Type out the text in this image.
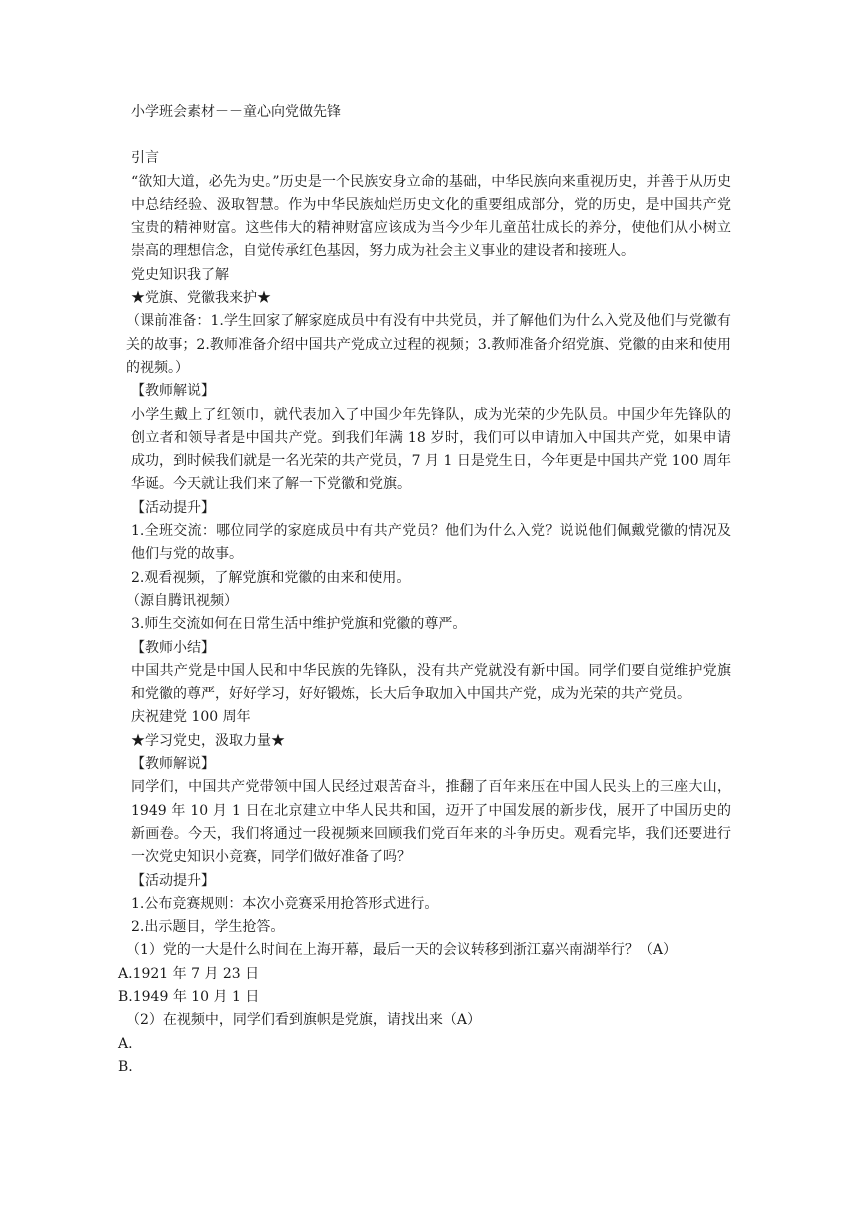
小学班会素材－－童心向党做先锋

引言

“欲知大道，必先为史。”历史是一个民族安身立命的基础，中华民族向来重视历史，并善于从历史中总结经验、汲取智慧。作为中华民族灿烂历史文化的重要组成部分，党的历史，是中国共产党宝贵的精神财富。这些伟大的精神财富应该成为当今少年儿童茁壮成长的养分，使他们从小树立崇高的理想信念，自觉传承红色基因，努力成为社会主义事业的建设者和接班人。

党史知识我了解

★党旗、党徽我来护★

（课前准备：1.学生回家了解家庭成员中有没有中共党员，并了解他们为什么入党及他们与党徽有关的故事；2.教师准备介绍中国共产党成立过程的视频；3.教师准备介绍党旗、党徽的由来和使用的视频。）

【教师解说】

小学生戴上了红领巾，就代表加入了中国少年先锋队，成为光荣的少先队员。中国少年先锋队的创立者和领导者是中国共产党。到我们年满 18 岁时，我们可以申请加入中国共产党，如果申请成功，到时候我们就是一名光荣的共产党员，7 月 1 日是党生日，今年更是中国共产党 100 周年华诞。今天就让我们来了解一下党徽和党旗。

【活动提升】

1.全班交流：哪位同学的家庭成员中有共产党员？他们为什么入党？说说他们佩戴党徽的情况及他们与党的故事。

2.观看视频，了解党旗和党徽的由来和使用。

（源自腾讯视频）

3.师生交流如何在日常生活中维护党旗和党徽的尊严。

【教师小结】

中国共产党是中国人民和中华民族的先锋队，没有共产党就没有新中国。同学们要自觉维护党旗和党徽的尊严，好好学习，好好锻炼，长大后争取加入中国共产党，成为光荣的共产党员。

庆祝建党 100 周年

★学习党史，汲取力量★

【教师解说】

同学们，中国共产党带领中国人民经过艰苦奋斗，推翻了百年来压在中国人民头上的三座大山，1949 年 10 月 1 日在北京建立中华人民共和国，迈开了中国发展的新步伐，展开了中国历史的新画卷。今天，我们将通过一段视频来回顾我们党百年来的斗争历史。观看完毕，我们还要进行一次党史知识小竞赛，同学们做好准备了吗？

【活动提升】

1.公布竞赛规则：本次小竞赛采用抢答形式进行。

2.出示题目，学生抢答。

（1）党的一大是什么时间在上海开幕，最后一天的会议转移到浙江嘉兴南湖举行？（A）

A.1921 年 7 月 23 日

B.1949 年 10 月 1 日

（2）在视频中，同学们看到旗帜是党旗，请找出来（A）

A.

B.
